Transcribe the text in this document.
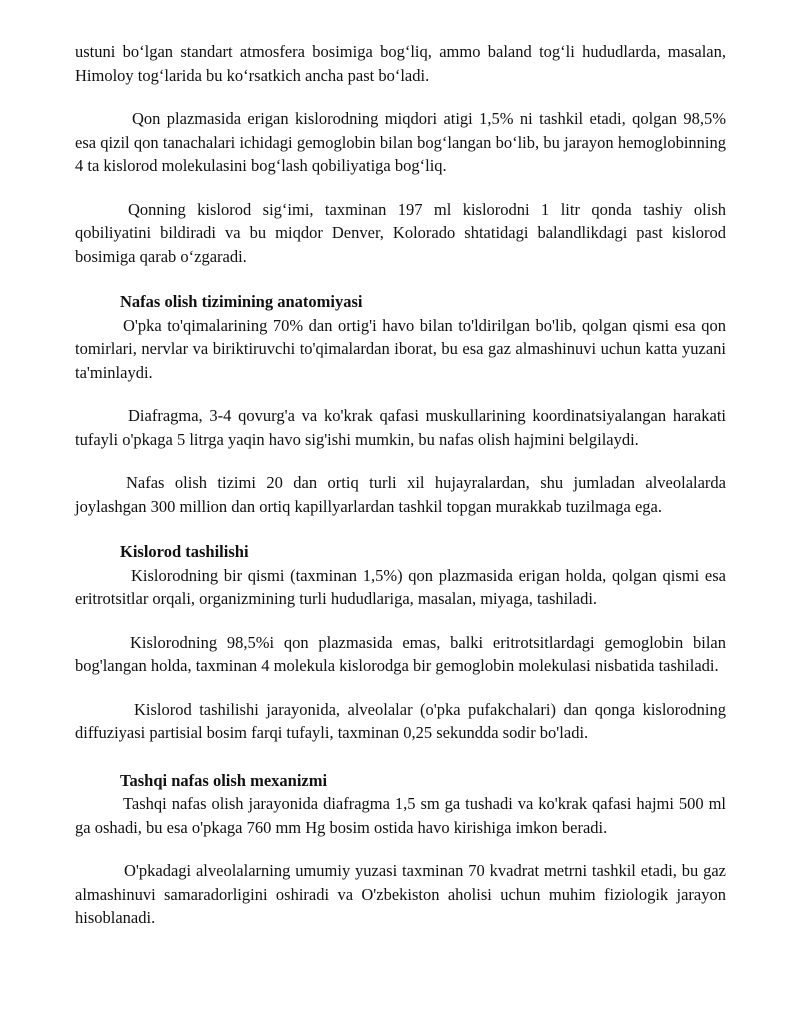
ustuni bo‘lgan standart atmosfera bosimiga bog‘liq, ammo baland tog‘li hududlarda, masalan, Himoloy tog‘larida bu ko‘rsatkich ancha past bo‘ladi.

Qon plazmasida erigan kislorodning miqdori atigi 1,5% ni tashkil etadi, qolgan 98,5% esa qizil qon tanachalari ichidagi gemoglobin bilan bog‘langan bo‘lib, bu jarayon hemoglobinning 4 ta kislorod molekulasini bog‘lash qobiliyatiga bog‘liq.

Qonning kislorod sig‘imi, taxminan 197 ml kislorodni 1 litr qonda tashiy olish qobiliyatini bildiradi va bu miqdor Denver, Kolorado shtatidagi balandlikdagi past kislorod bosimiga qarab o‘zgaradi.

Nafas olish tizimining anatomiyasi

O'pka to'qimalarining 70% dan ortig'i havo bilan to'ldirilgan bo'lib, qolgan qismi esa qon tomirlari, nervlar va biriktiruvchi to'qimalardan iborat, bu esa gaz almashinuvi uchun katta yuzani ta'minlaydi.

Diafragma, 3-4 qovurg'a va ko'krak qafasi muskullarining koordinatsiyalangan harakati tufayli o'pkaga 5 litrga yaqin havo sig'ishi mumkin, bu nafas olish hajmini belgilaydi.

Nafas olish tizimi 20 dan ortiq turli xil hujayralardan, shu jumladan alveolalarda joylashgan 300 million dan ortiq kapillyarlardan tashkil topgan murakkab tuzilmaga ega.

Kislorod tashilishi

Kislorodning bir qismi (taxminan 1,5%) qon plazmasida erigan holda, qolgan qismi esa eritrotsitlar orqali, organizmining turli hududlariga, masalan, miyaga, tashiladi.

Kislorodning 98,5%i qon plazmasida emas, balki eritrotsitlardagi gemoglobin bilan bog'langan holda, taxminan 4 molekula kislorodga bir gemoglobin molekulasi nisbatida tashiladi.

Kislorod tashilishi jarayonida, alveolalar (o'pka pufakchalari) dan qonga kislorodning diffuziyasi partisial bosim farqi tufayli, taxminan 0,25 sekundda sodir bo'ladi.

Tashqi nafas olish mexanizmi

Tashqi nafas olish jarayonida diafragma 1,5 sm ga tushadi va ko'krak qafasi hajmi 500 ml ga oshadi, bu esa o'pkaga 760 mm Hg bosim ostida havo kirishiga imkon beradi.

O'pkadagi alveolalarning umumiy yuzasi taxminan 70 kvadrat metrni tashkil etadi, bu gaz almashinuvi samaradorligini oshiradi va O'zbekiston aholisi uchun muhim fiziologik jarayon hisoblanadi.
